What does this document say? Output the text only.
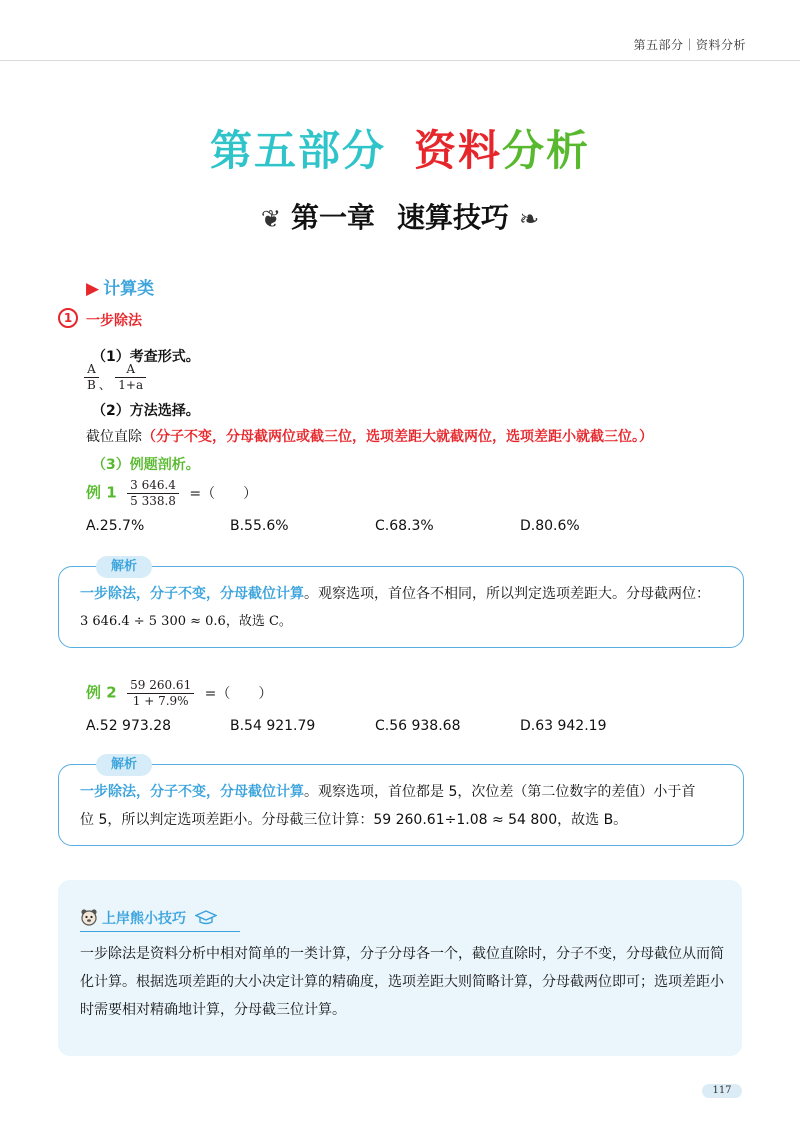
第五部分｜资料分析
第五部分 资料分析
❦ 第一章 速算技巧 ❧
▶ 计算类
1 一步除法
（1）考查形式。
$\frac{A}{B}$ 、 $\frac{A}{1+a}$
（2）方法选择。
截位直除（分子不变，分母截两位或截三位，选项差距大就截两位，选项差距小就截三位。）
（3）例题剖析。
例 $1 \frac{3 646.4}{5 338.8}$ =（　　）
A.25.7%	B.55.6%	C.68.3%	D.80.6%
解析
一步除法，分子不变，分母截位计算。观察选项，首位各不相同，所以判定选项差距大。分母截两位：
3 646.4 ÷ 5 300 ≈ 0.6，故选 C。
例 $2 \frac{59 260.61}{1 + 7.9\%}$ =（　　）
A.52 973.28	B.54 921.79	C.56 938.68	D.63 942.19
解析
一步除法，分子不变，分母截位计算。观察选项，首位都是 5，次位差（第二位数字的差值）小于首
位 5，所以判定选项差距小。分母截三位计算：59 260.61÷1.08 ≈ 54 800，故选 B。
上岸熊小技巧
一步除法是资料分析中相对简单的一类计算，分子分母各一个，截位直除时，分子不变，分母截位从而简化计算。根据选项差距的大小决定计算的精确度，选项差距大则简略计算，分母截两位即可；选项差距小时需要相对精确地计算，分母截三位计算。
117
